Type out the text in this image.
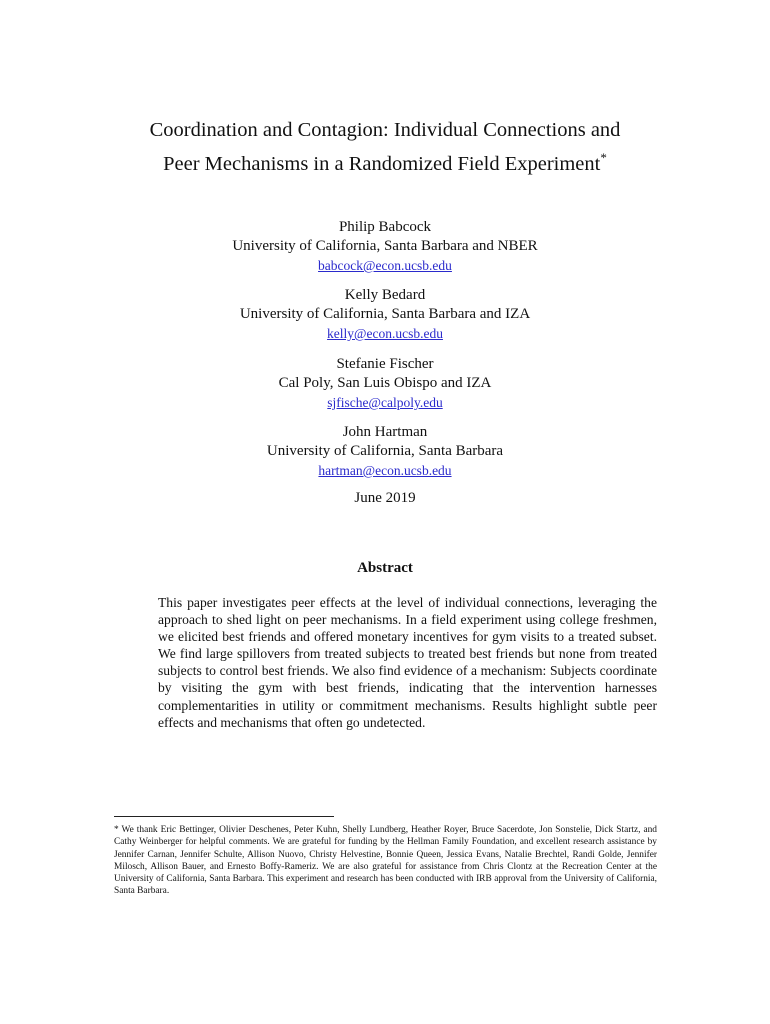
Coordination and Contagion: Individual Connections and
Peer Mechanisms in a Randomized Field Experiment*
Philip Babcock
University of California, Santa Barbara and NBER
babcock@econ.ucsb.edu
Kelly Bedard
University of California, Santa Barbara and IZA
kelly@econ.ucsb.edu
Stefanie Fischer
Cal Poly, San Luis Obispo and IZA
sjfische@calpoly.edu
John Hartman
University of California, Santa Barbara
hartman@econ.ucsb.edu
June 2019
Abstract
This paper investigates peer effects at the level of individual connections, leveraging the approach to shed light on peer mechanisms. In a field experiment using college freshmen, we elicited best friends and offered monetary incentives for gym visits to a treated subset. We find large spillovers from treated subjects to treated best friends but none from treated subjects to control best friends. We also find evidence of a mechanism: Subjects coordinate by visiting the gym with best friends, indicating that the intervention harnesses complementarities in utility or commitment mechanisms. Results highlight subtle peer effects and mechanisms that often go undetected.
* We thank Eric Bettinger, Olivier Deschenes, Peter Kuhn, Shelly Lundberg, Heather Royer, Bruce Sacerdote, Jon Sonstelie, Dick Startz, and Cathy Weinberger for helpful comments. We are grateful for funding by the Hellman Family Foundation, and excellent research assistance by Jennifer Carnan, Jennifer Schulte, Allison Nuovo, Christy Helvestine, Bonnie Queen, Jessica Evans, Natalie Brechtel, Randi Golde, Jennifer Milosch, Allison Bauer, and Ernesto Boffy-Rameriz. We are also grateful for assistance from Chris Clontz at the Recreation Center at the University of California, Santa Barbara. This experiment and research has been conducted with IRB approval from the University of California, Santa Barbara.
